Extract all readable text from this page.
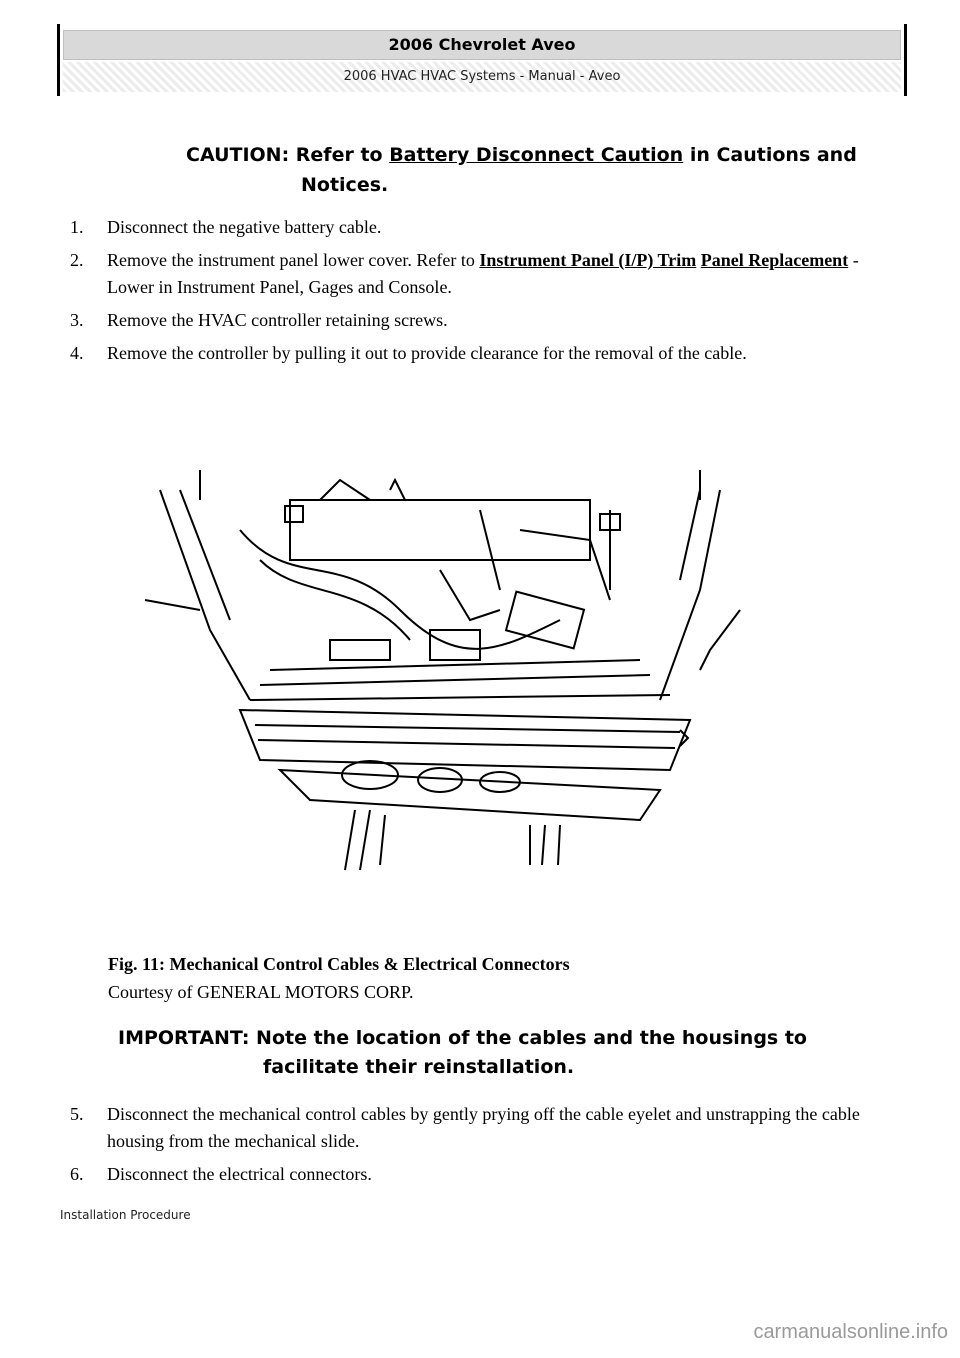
2006 Chevrolet Aveo
2006 HVAC HVAC Systems - Manual - Aveo
CAUTION: Refer to Battery Disconnect Caution in Cautions and
Notices.
1.	Disconnect the negative battery cable.
2.	Remove the instrument panel lower cover. Refer to Instrument Panel (I/P) Trim Panel Replacement - Lower in Instrument Panel, Gages and Console.
3.	Remove the HVAC controller retaining screws.
4.	Remove the controller by pulling it out to provide clearance for the removal of the cable.
Fig. 11: Mechanical Control Cables & Electrical Connectors
Courtesy of GENERAL MOTORS CORP.
IMPORTANT: Note the location of the cables and the housings to
facilitate their reinstallation.
5.	Disconnect the mechanical control cables by gently prying off the cable eyelet and unstrapping the cable housing from the mechanical slide.
6.	Disconnect the electrical connectors.
Installation Procedure
carmanualsonline.info
